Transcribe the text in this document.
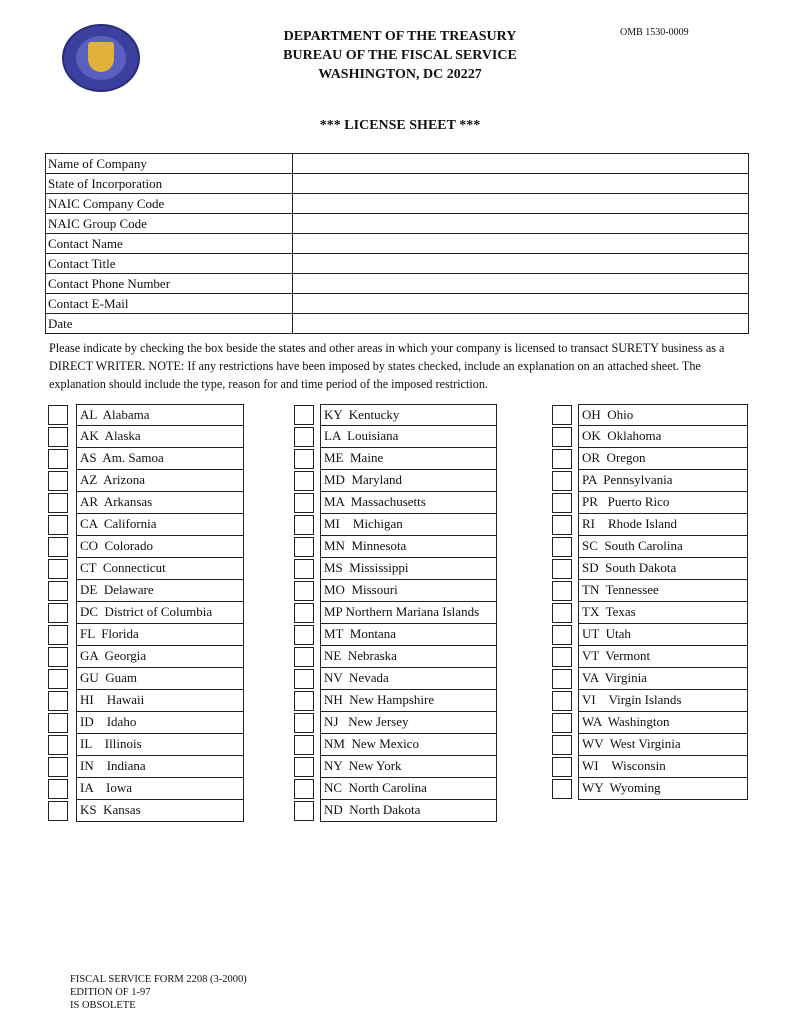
DEPARTMENT OF THE TREASURY
BUREAU OF THE FISCAL SERVICE
WASHINGTON, DC 20227
OMB 1530-0009
*** LICENSE SHEET ***
Name of Company	
State of Incorporation	
NAIC Company Code	
NAIC Group Code	
Contact Name	
Contact Title	
Contact Phone Number	
Contact E-Mail	
Date	
Please indicate by checking the box beside the states and other areas in which your company is licensed to transact SURETY business as a DIRECT WRITER. NOTE: If any restrictions have been imposed by states checked, include an explanation on an attached sheet. The explanation should include the type, reason for and time period of the imposed restriction.
AL  Alabama
AK  Alaska
AS  Am. Samoa
AZ  Arizona
AR  Arkansas
CA  California
CO  Colorado
CT  Connecticut
DE  Delaware
DC  District of Columbia
FL  Florida
GA  Georgia
GU  Guam
HI    Hawaii
ID    Idaho
IL    Illinois
IN    Indiana
IA    Iowa
KS  Kansas
KY  Kentucky
LA  Louisiana
ME  Maine
MD  Maryland
MA  Massachusetts
MI    Michigan
MN  Minnesota
MS  Mississippi
MO  Missouri
MP Northern Mariana Islands
MT  Montana
NE  Nebraska
NV  Nevada
NH  New Hampshire
NJ   New Jersey
NM  New Mexico
NY  New York
NC  North Carolina
ND  North Dakota
OH  Ohio
OK  Oklahoma
OR  Oregon
PA  Pennsylvania
PR   Puerto Rico
RI    Rhode Island
SC  South Carolina
SD  South Dakota
TN  Tennessee
TX  Texas
UT  Utah
VT  Vermont
VA  Virginia
VI    Virgin Islands
WA  Washington
WV  West Virginia
WI    Wisconsin
WY  Wyoming
FISCAL SERVICE FORM 2208 (3-2000)
EDITION OF 1-97
IS OBSOLETE
